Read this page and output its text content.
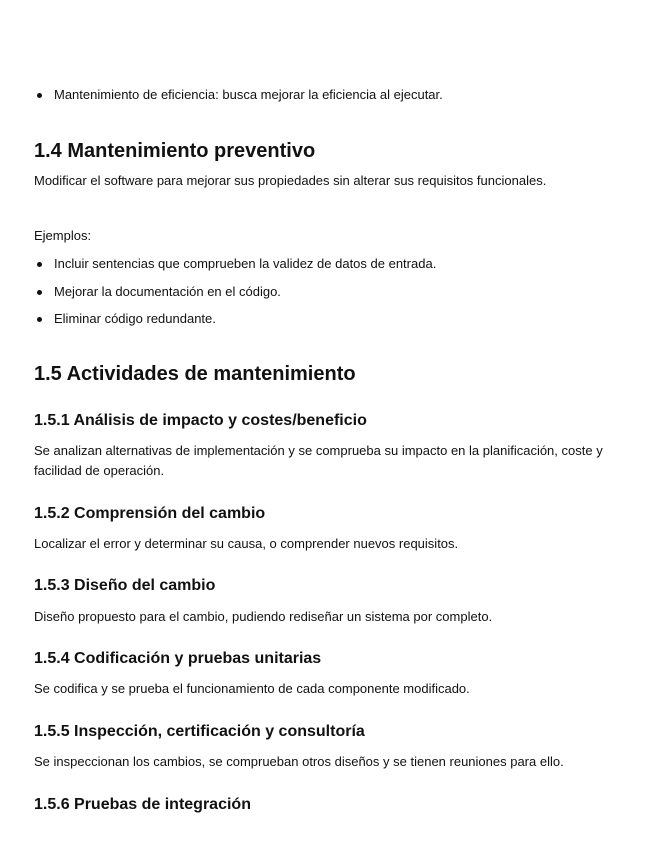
Mantenimiento de eficiencia: busca mejorar la eficiencia al ejecutar.
1.4 Mantenimiento preventivo

Modificar el software para mejorar sus propiedades sin alterar sus requisitos funcionales.

Ejemplos:

Incluir sentencias que comprueben la validez de datos de entrada.
Mejorar la documentación en el código.
Eliminar código redundante.
1.5 Actividades de mantenimiento
1.5.1 Análisis de impacto y costes/beneficio

Se analizan alternativas de implementación y se comprueba su impacto en la planificación, coste y facilidad de operación.

1.5.2 Comprensión del cambio

Localizar el error y determinar su causa, o comprender nuevos requisitos.

1.5.3 Diseño del cambio

Diseño propuesto para el cambio, pudiendo rediseñar un sistema por completo.

1.5.4 Codificación y pruebas unitarias

Se codifica y se prueba el funcionamiento de cada componente modificado.

1.5.5 Inspección, certificación y consultoría

Se inspeccionan los cambios, se comprueban otros diseños y se tienen reuniones para ello.

1.5.6 Pruebas de integración
